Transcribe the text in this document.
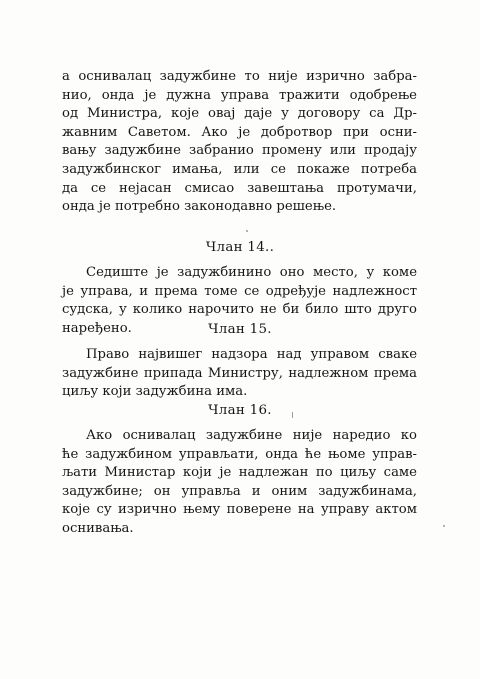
а оснивалац задужбине то није изрично забра-
нио, онда је дужна управа тражити одобрење
од Министра, које овај даје у договору са Др-
жавним Саветом. Ако је добротвор при осни-
вању задужбине забранио промену или продају
задужбинског имања, или се покаже потреба
да се нејасан смисао завештања протумачи,
онда је потребно законодавно решење.
Члан 14..
Седиште је задужбинино оно место, у коме
је управа, и према томе се одређује надлежност
судска, у колико нарочито не би било што друго
наређено.	Члан 15.
Право највишег надзора над управом сваке
задужбине припада Министру, надлежном према
циљу који задужбина има.
Члан 16.
Ако оснивалац задужбине није наредио ко
ће задужбином управљати, онда ће њоме управ-
љати Министар који је надлежан по циљу саме
задужбине; он управља и оним задужбинама,
које су изрично њему поверене на управу актом
оснивања.
